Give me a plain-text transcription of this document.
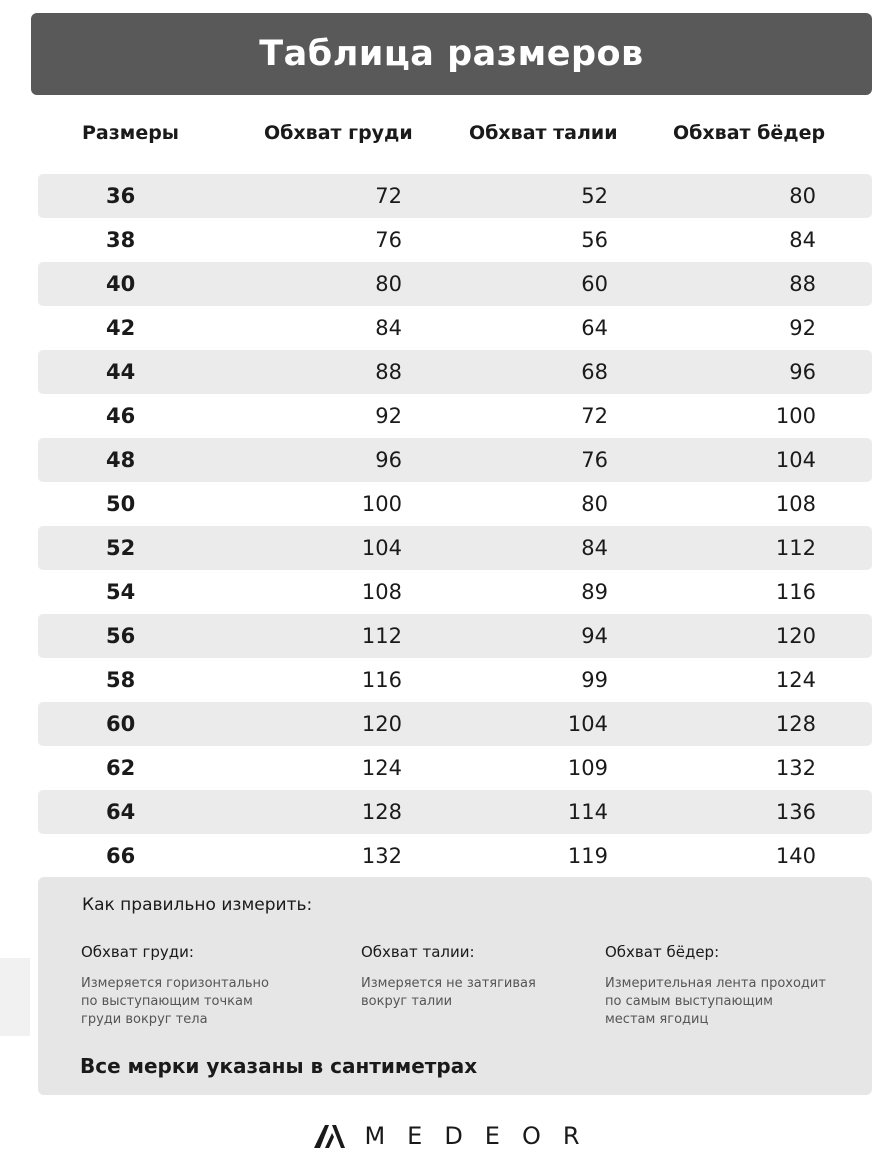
Таблица размеров
Размеры	Обхват груди	Обхват талии	Обхват бёдер
36	72	52	80
38	76	56	84
40	80	60	88
42	84	64	92
44	88	68	96
46	92	72	100
48	96	76	104
50	100	80	108
52	104	84	112
54	108	89	116
56	112	94	120
58	116	99	124
60	120	104	128
62	124	109	132
64	128	114	136
66	132	119	140
Как правильно измерить:
Обхват груди:
Измеряется горизонтально
по выступающим точкам
груди вокруг тела
Обхват талии:
Измеряется не затягивая
вокруг талии
Обхват бёдер:
Измерительная лента проходит
по самым выступающим
местам ягодиц
Все мерки указаны в сантиметрах
MEDEOR
